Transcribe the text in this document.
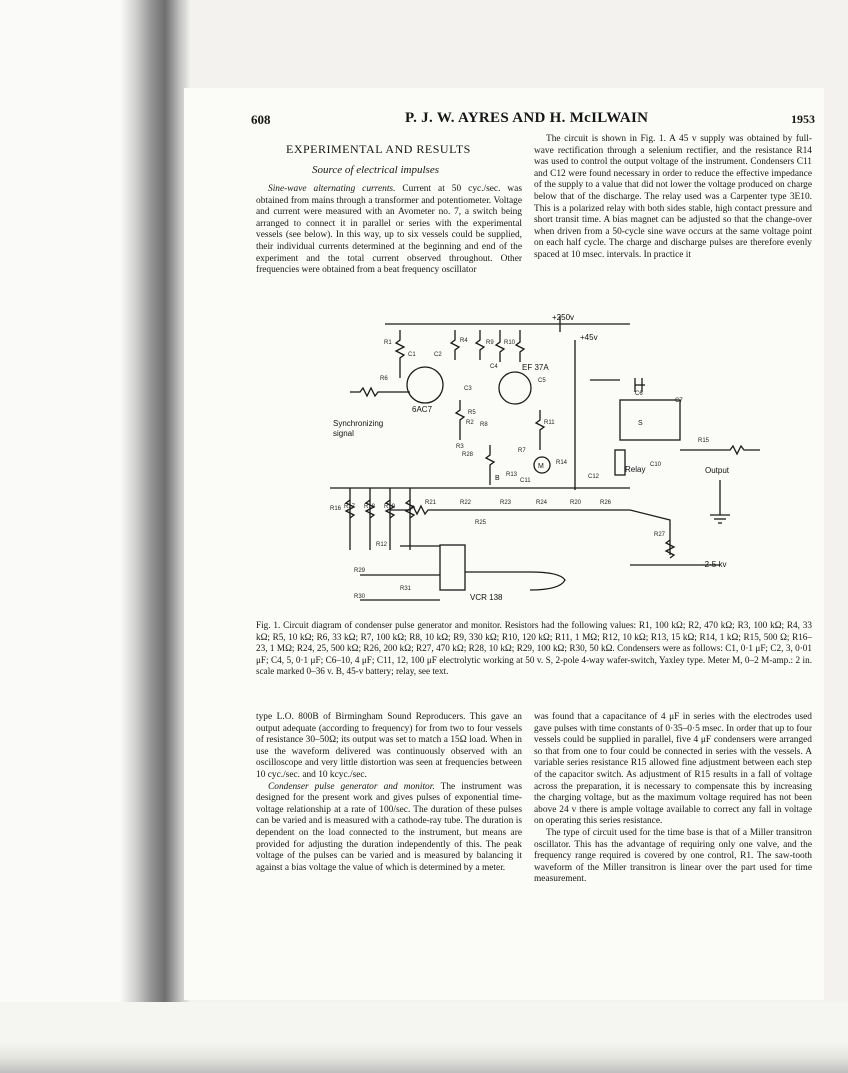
608	P. J. W. AYRES AND H. McILWAIN	1953
EXPERIMENTAL AND RESULTS
Source of electrical impulses

Sine-wave alternating currents. Current at 50 cyc./sec. was obtained from mains through a transformer and potentiometer. Voltage and current were measured with an Avometer no. 7, a switch being arranged to connect it in parallel or series with the experimental vessels (see below). In this way, up to six vessels could be supplied, their individual currents determined at the beginning and end of the experiment and the total current observed throughout. Other frequencies were obtained from a beat frequency oscillator

The circuit is shown in Fig. 1. A 45 v supply was obtained by full-wave rectification through a selenium rectifier, and the resistance R14 was used to control the output voltage of the instrument. Condensers C11 and C12 were found necessary in order to reduce the effective impedance of the supply to a value that did not lower the voltage produced on charge below that of the discharge. The relay used was a Carpenter type 3E10. This is a polarized relay with both sides stable, high contact pressure and short transit time. A bias magnet can be adjusted so that the change-over when driven from a 50-cycle sine wave occurs at the same voltage point on each half cycle. The charge and discharge pulses are therefore evenly spaced at 10 msec. intervals. In practice it

+250v
+45v
EF 37A
6AC7
Synchronizing
signal
Relay	Output
-2·5 kv
VCR 138
M
B
S
R1
R2
R3
R4
R5
R6
R7
R8
R9 R10
R11
R12
R13
R14
R15
R16 R17 R18 R19
R20
R21	R22	R23	R24
R25
R26
R27
R28
R29
R30
R31
C1	C2
C3
C4
C5
C6
C7
C10
C11
C12
Fig. 1. Circuit diagram of condenser pulse generator and monitor. Resistors had the following values: R1, 100 kΩ; R2, 470 kΩ; R3, 100 kΩ; R4, 33 kΩ; R5, 10 kΩ; R6, 33 kΩ; R7, 100 kΩ; R8, 10 kΩ; R9, 330 kΩ; R10, 120 kΩ; R11, 1 MΩ; R12, 10 kΩ; R13, 15 kΩ; R14, 1 kΩ; R15, 500 Ω; R16–23, 1 MΩ; R24, 25, 500 kΩ; R26, 200 kΩ; R27, 470 kΩ; R28, 10 kΩ; R29, 100 kΩ; R30, 50 kΩ. Condensers were as follows: C1, 0·1 μF; C2, 3, 0·01 μF; C4, 5, 0·1 μF; C6–10, 4 μF; C11, 12, 100 μF electrolytic working at 50 v. S, 2-pole 4-way wafer-switch, Yaxley type. Meter M, 0–2 M-amp.: 2 in. scale marked 0–36 v. B, 45-v battery; relay, see text.

type L.O. 800B of Birmingham Sound Reproducers. This gave an output adequate (according to frequency) for from two to four vessels of resistance 30–50Ω; its output was set to match a 15Ω load. When in use the waveform delivered was continuously observed with an oscilloscope and very little distortion was seen at frequencies between 10 cyc./sec. and 10 kcyc./sec.

Condenser pulse generator and monitor. The instrument was designed for the present work and gives pulses of exponential time-voltage relationship at a rate of 100/sec. The duration of these pulses can be varied and is measured with a cathode-ray tube. The duration is dependent on the load connected to the instrument, but means are provided for adjusting the duration independently of this. The peak voltage of the pulses can be varied and is measured by balancing it against a bias voltage the value of which is determined by a meter.

was found that a capacitance of 4 μF in series with the electrodes used gave pulses with time constants of 0·35–0·5 msec. In order that up to four vessels could be supplied in parallel, five 4 μF condensers were arranged so that from one to four could be connected in series with the vessels. A variable series resistance R15 allowed fine adjustment between each step of the capacitor switch. As adjustment of R15 results in a fall of voltage across the preparation, it is necessary to compensate this by increasing the charging voltage, but as the maximum voltage required has not been above 24 v there is ample voltage available to correct any fall in voltage on operating this series resistance.

The type of circuit used for the time base is that of a Miller transitron oscillator. This has the advantage of requiring only one valve, and the frequency range required is covered by one control, R1. The saw-tooth waveform of the Miller transitron is linear over the part used for time measurement.
